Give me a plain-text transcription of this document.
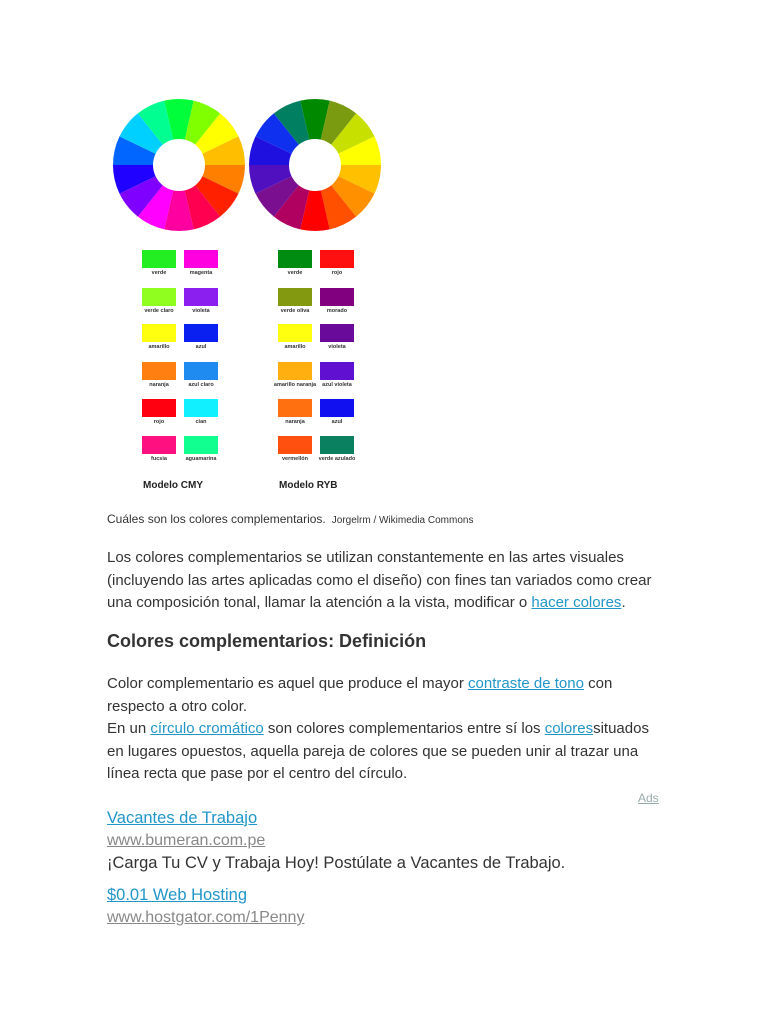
verde	magenta
verde claro	violeta
amarillo	azul
naranja	azul claro
rojo	cian
fucsia	aguamarina
verde	rojo
verde oliva	morado
amarillo	violeta
amarillo naranja	azul violeta
naranja	azul
vermellón	verde azulado
Modelo CMY	Modelo RYB
Cuáles son los colores complementarios. Jorgelrm / Wikimedia Commons
Los colores complementarios se utilizan constantemente en las artes visuales (incluyendo las artes aplicadas como el diseño) con fines tan variados como crear una composición tonal, llamar la atención a la vista, modificar o hacer colores.
Colores complementarios: Definición
Color complementario es aquel que produce el mayor contraste de tono con respecto a otro color.
En un círculo cromático son colores complementarios entre sí los coloressituados en lugares opuestos, aquella pareja de colores que se pueden unir al trazar una línea recta que pase por el centro del círculo.
Ads
Vacantes de Trabajo
www.bumeran.com.pe
¡Carga Tu CV y Trabaja Hoy! Postúlate a Vacantes de Trabajo.
$0.01 Web Hosting
www.hostgator.com/1Penny
